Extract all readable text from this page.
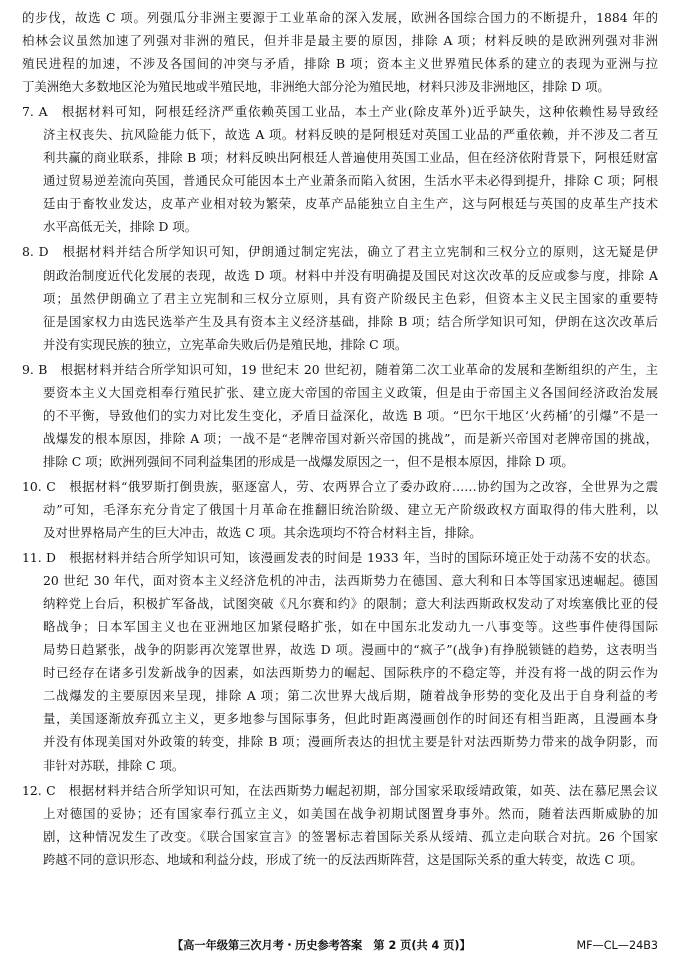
的步伐，故选 C 项。列强瓜分非洲主要源于工业革命的深入发展，欧洲各国综合国力的不断提升，1884 年的
柏林会议虽然加速了列强对非洲的殖民，但并非是最主要的原因，排除 A 项；材料反映的是欧洲列强对非洲
殖民进程的加速，不涉及各国间的冲突与矛盾，排除 B 项；资本主义世界殖民体系的建立的表现为亚洲与拉
丁美洲绝大多数地区沦为殖民地或半殖民地，非洲绝大部分沦为殖民地，材料只涉及非洲地区，排除 D 项。
7. A　根据材料可知，阿根廷经济严重依赖英国工业品，本土产业(除皮革外)近乎缺失，这种依赖性易导致经
济主权丧失、抗风险能力低下，故选 A 项。材料反映的是阿根廷对英国工业品的严重依赖，并不涉及二者互
利共赢的商业联系，排除 B 项；材料反映出阿根廷人普遍使用英国工业品，但在经济依附背景下，阿根廷财富
通过贸易逆差流向英国，普通民众可能因本土产业萧条而陷入贫困，生活水平未必得到提升，排除 C 项；阿根
廷由于畜牧业发达，皮革产业相对较为繁荣，皮革产品能独立自主生产，这与阿根廷与英国的皮革生产技术
水平高低无关，排除 D 项。
8. D　根据材料并结合所学知识可知，伊朗通过制定宪法，确立了君主立宪制和三权分立的原则，这无疑是伊
朗政治制度近代化发展的表现，故选 D 项。材料中并没有明确提及国民对这次改革的反应或参与度，排除 A
项；虽然伊朗确立了君主立宪制和三权分立原则，具有资产阶级民主色彩，但资本主义民主国家的重要特
征是国家权力由选民选举产生及具有资本主义经济基础，排除 B 项；结合所学知识可知，伊朗在这次改革后
并没有实现民族的独立，立宪革命失败后仍是殖民地，排除 C 项。
9. B　根据材料并结合所学知识可知，19 世纪末 20 世纪初，随着第二次工业革命的发展和垄断组织的产生，主
要资本主义大国竞相奉行殖民扩张、建立庞大帝国的帝国主义政策，但是由于帝国主义各国间经济政治发展
的不平衡，导致他们的实力对比发生变化，矛盾日益深化，故选 B 项。“巴尔干地区‘火药桶’的引爆”不是一
战爆发的根本原因，排除 A 项；一战不是“老牌帝国对新兴帝国的挑战”，而是新兴帝国对老牌帝国的挑战，
排除 C 项；欧洲列强间不同利益集团的形成是一战爆发原因之一，但不是根本原因，排除 D 项。
10. C　根据材料“俄罗斯打倒贵族，驱逐富人，劳、农两界合立了委办政府……协约国为之改容，全世界为之震
动”可知，毛泽东充分肯定了俄国十月革命在推翻旧统治阶级、建立无产阶级政权方面取得的伟大胜利，以
及对世界格局产生的巨大冲击，故选 C 项。其余选项均不符合材料主旨，排除。
11. D　根据材料并结合所学知识可知，该漫画发表的时间是 1933 年，当时的国际环境正处于动荡不安的状态。
20 世纪 30 年代，面对资本主义经济危机的冲击，法西斯势力在德国、意大利和日本等国家迅速崛起。德国
纳粹党上台后，积极扩军备战，试图突破《凡尔赛和约》的限制；意大利法西斯政权发动了对埃塞俄比亚的侵
略战争；日本军国主义也在亚洲地区加紧侵略扩张，如在中国东北发动九一八事变等。这些事件使得国际
局势日趋紧张，战争的阴影再次笼罩世界，故选 D 项。漫画中的“疯子”(战争)有挣脱锁链的趋势，这表明当
时已经存在诸多引发新战争的因素，如法西斯势力的崛起、国际秩序的不稳定等，并没有将一战的阴云作为
二战爆发的主要原因来呈现，排除 A 项；第二次世界大战后期，随着战争形势的变化及出于自身利益的考
量，美国逐渐放弃孤立主义，更多地参与国际事务，但此时距离漫画创作的时间还有相当距离，且漫画本身
并没有体现美国对外政策的转变，排除 B 项；漫画所表达的担忧主要是针对法西斯势力带来的战争阴影，而
非针对苏联，排除 C 项。
12. C　根据材料并结合所学知识可知，在法西斯势力崛起初期，部分国家采取绥靖政策，如英、法在慕尼黑会议
上对德国的妥协；还有国家奉行孤立主义，如美国在战争初期试图置身事外。然而，随着法西斯威胁的加
剧，这种情况发生了改变。《联合国家宣言》的签署标志着国际关系从绥靖、孤立走向联合对抗。26 个国家
跨越不同的意识形态、地域和利益分歧，形成了统一的反法西斯阵营，这是国际关系的重大转变，故选 C 项。
【高一年级第三次月考・历史参考答案　第 2 页(共 4 页)】	MF—CL—24B3
